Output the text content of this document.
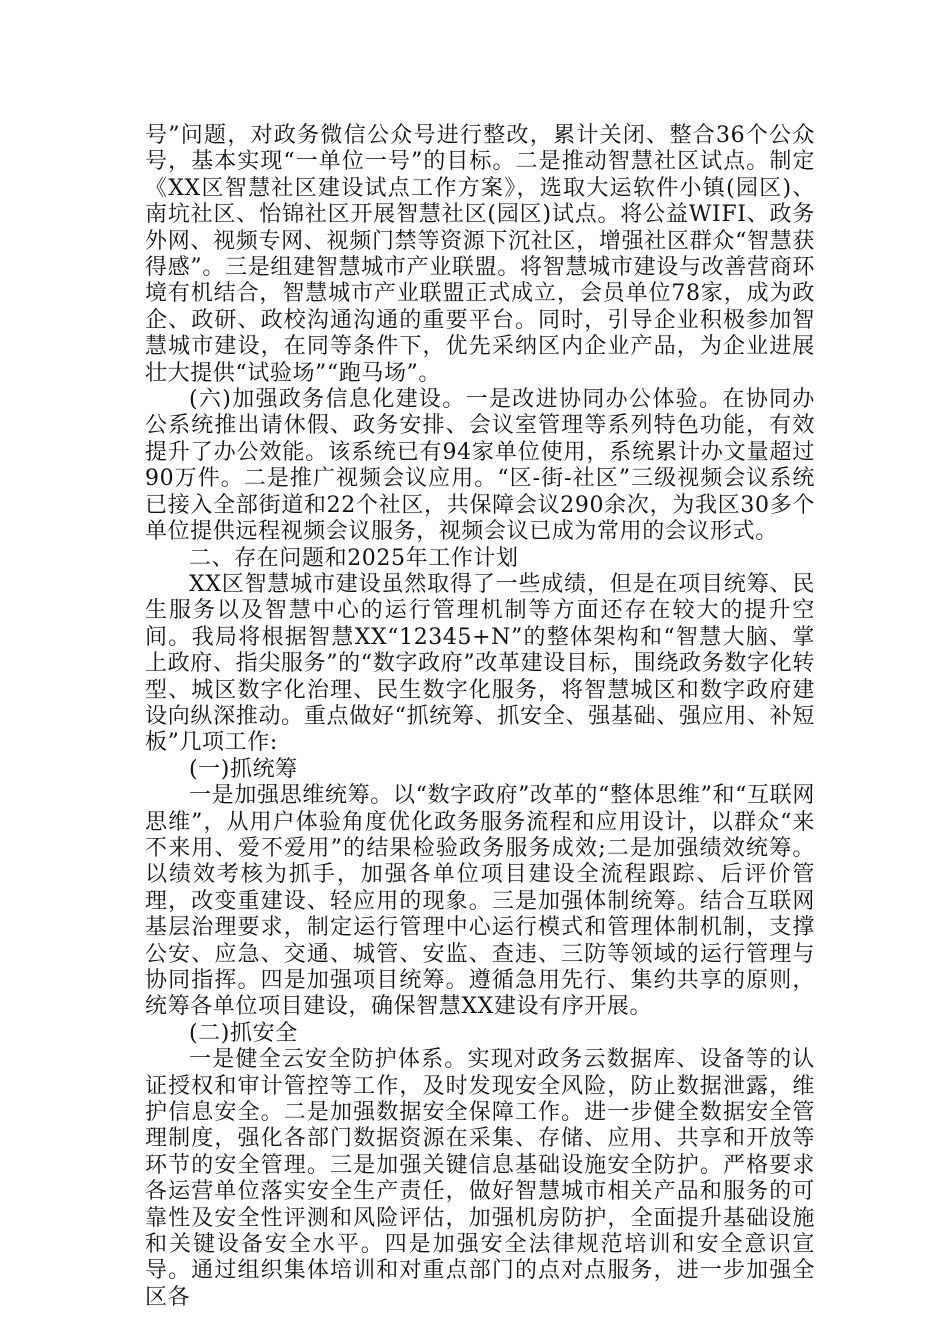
号”问题，对政务微信公众号进行整改，累计关闭、整合36个公众号，基本实现“一单位一号”的目标。二是推动智慧社区试点。制定《XX区智慧社区建设试点工作方案》，选取大运软件小镇(园区)、南坑社区、怡锦社区开展智慧社区(园区)试点。将公益WIFI、政务外网、视频专网、视频门禁等资源下沉社区，增强社区群众“智慧获得感”。三是组建智慧城市产业联盟。将智慧城市建设与改善营商环境有机结合，智慧城市产业联盟正式成立，会员单位78家，成为政企、政研、政校沟通沟通的重要平台。同时，引导企业积极参加智慧城市建设，在同等条件下，优先采纳区内企业产品，为企业进展壮大提供“试验场”“跑马场”。

(六)加强政务信息化建设。一是改进协同办公体验。在协同办公系统推出请休假、政务安排、会议室管理等系列特色功能，有效提升了办公效能。该系统已有94家单位使用，系统累计办文量超过90万件。二是推广视频会议应用。“区-街-社区”三级视频会议系统已接入全部街道和22个社区，共保障会议290余次，为我区30多个单位提供远程视频会议服务，视频会议已成为常用的会议形式。

二、存在问题和2025年工作计划

XX区智慧城市建设虽然取得了一些成绩，但是在项目统筹、民生服务以及智慧中心的运行管理机制等方面还存在较大的提升空间。我局将根据智慧XX“12345+N”的整体架构和“智慧大脑、掌上政府、指尖服务”的“数字政府”改革建设目标，围绕政务数字化转型、城区数字化治理、民生数字化服务，将智慧城区和数字政府建设向纵深推动。重点做好“抓统筹、抓安全、强基础、强应用、补短板”几项工作:

(一)抓统筹

一是加强思维统筹。以“数字政府”改革的“整体思维”和“互联网思维”，从用户体验角度优化政务服务流程和应用设计，以群众“来不来用、爱不爱用”的结果检验政务服务成效;二是加强绩效统筹。以绩效考核为抓手，加强各单位项目建设全流程跟踪、后评价管理，改变重建设、轻应用的现象。三是加强体制统筹。结合互联网基层治理要求，制定运行管理中心运行模式和管理体制机制，支撑公安、应急、交通、城管、安监、查违、三防等领域的运行管理与协同指挥。四是加强项目统筹。遵循急用先行、集约共享的原则，统筹各单位项目建设，确保智慧XX建设有序开展。

(二)抓安全

一是健全云安全防护体系。实现对政务云数据库、设备等的认证授权和审计管控等工作，及时发现安全风险，防止数据泄露，维护信息安全。二是加强数据安全保障工作。进一步健全数据安全管理制度，强化各部门数据资源在采集、存储、应用、共享和开放等环节的安全管理。三是加强关键信息基础设施安全防护。严格要求各运营单位落实安全生产责任，做好智慧城市相关产品和服务的可靠性及安全性评测和风险评估，加强机房防护，全面提升基础设施和关键设备安全水平。四是加强安全法律规范培训和安全意识宣导。通过组织集体培训和对重点部门的点对点服务，进一步加强全区各
